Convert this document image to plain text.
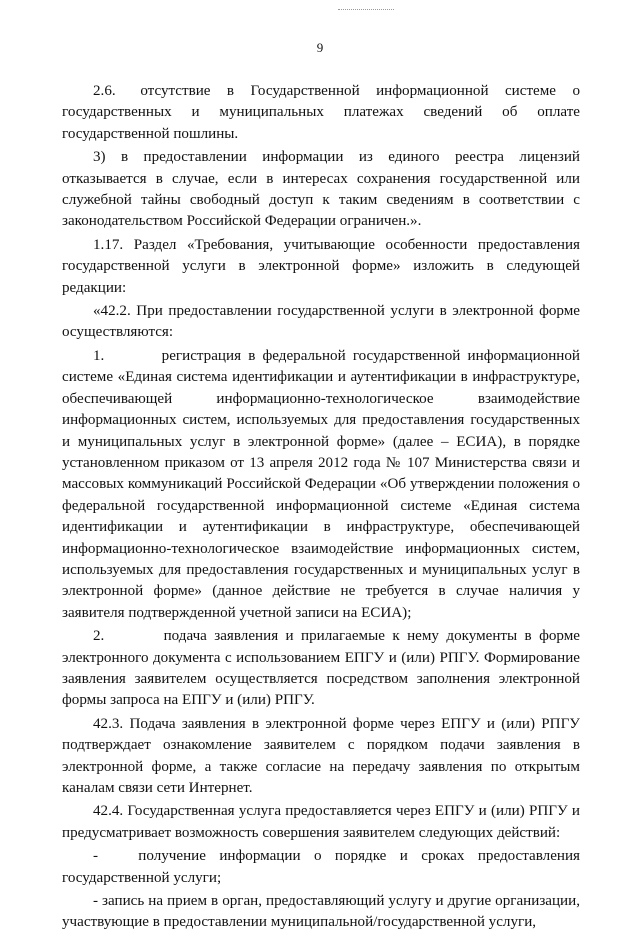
9

2.6.   отсутствие  в  Государственной  информационной  системе  о государственных и муниципальных платежах сведений об оплате государственной пошлины.

3) в предоставлении информации из единого реестра лицензий отказывается в случае, если в интересах сохранения государственной или служебной тайны свободный доступ к таким сведениям в соответствии с законодательством Российской Федерации ограничен.».

1.17. Раздел «Требования, учитывающие особенности предоставления государственной услуги в электронной форме» изложить в следующей редакции:

«42.2. При предоставлении государственной услуги в электронной форме осуществляются:

1.        регистрация в федеральной государственной информационной системе «Единая система идентификации и аутентификации в инфраструктуре, обеспечивающей информационно-технологическое взаимодействие информационных систем, используемых для предоставления государственных и муниципальных услуг в электронной форме» (далее – ЕСИА), в порядке установленном приказом от 13 апреля 2012 года № 107 Министерства связи и массовых коммуникаций Российской Федерации «Об утверждении положения о федеральной государственной информационной системе «Единая система идентификации и аутентификации в инфраструктуре, обеспечивающей информационно-технологическое взаимодействие информационных систем, используемых для предоставления государственных и муниципальных услуг в электронной форме» (данное действие не требуется в случае наличия у заявителя подтвержденной учетной записи на ЕСИА);

2.        подача заявления и прилагаемые к нему документы в форме электронного документа с использованием ЕПГУ и (или) РПГУ. Формирование заявления заявителем осуществляется посредством заполнения электронной формы запроса на ЕПГУ и (или) РПГУ.

42.3. Подача заявления в электронной форме через ЕПГУ и (или) РПГУ подтверждает ознакомление заявителем с порядком подачи заявления в электронной форме, а также согласие на передачу заявления по открытым каналам связи сети Интернет.

42.4. Государственная услуга предоставляется через ЕПГУ и (или) РПГУ и предусматривает возможность совершения заявителем следующих действий:

-   получение информации о порядке и сроках предоставления государственной услуги;

- запись на прием в орган, предоставляющий услугу и другие организации, участвующие в предоставлении муниципальной/государственной услуги,
